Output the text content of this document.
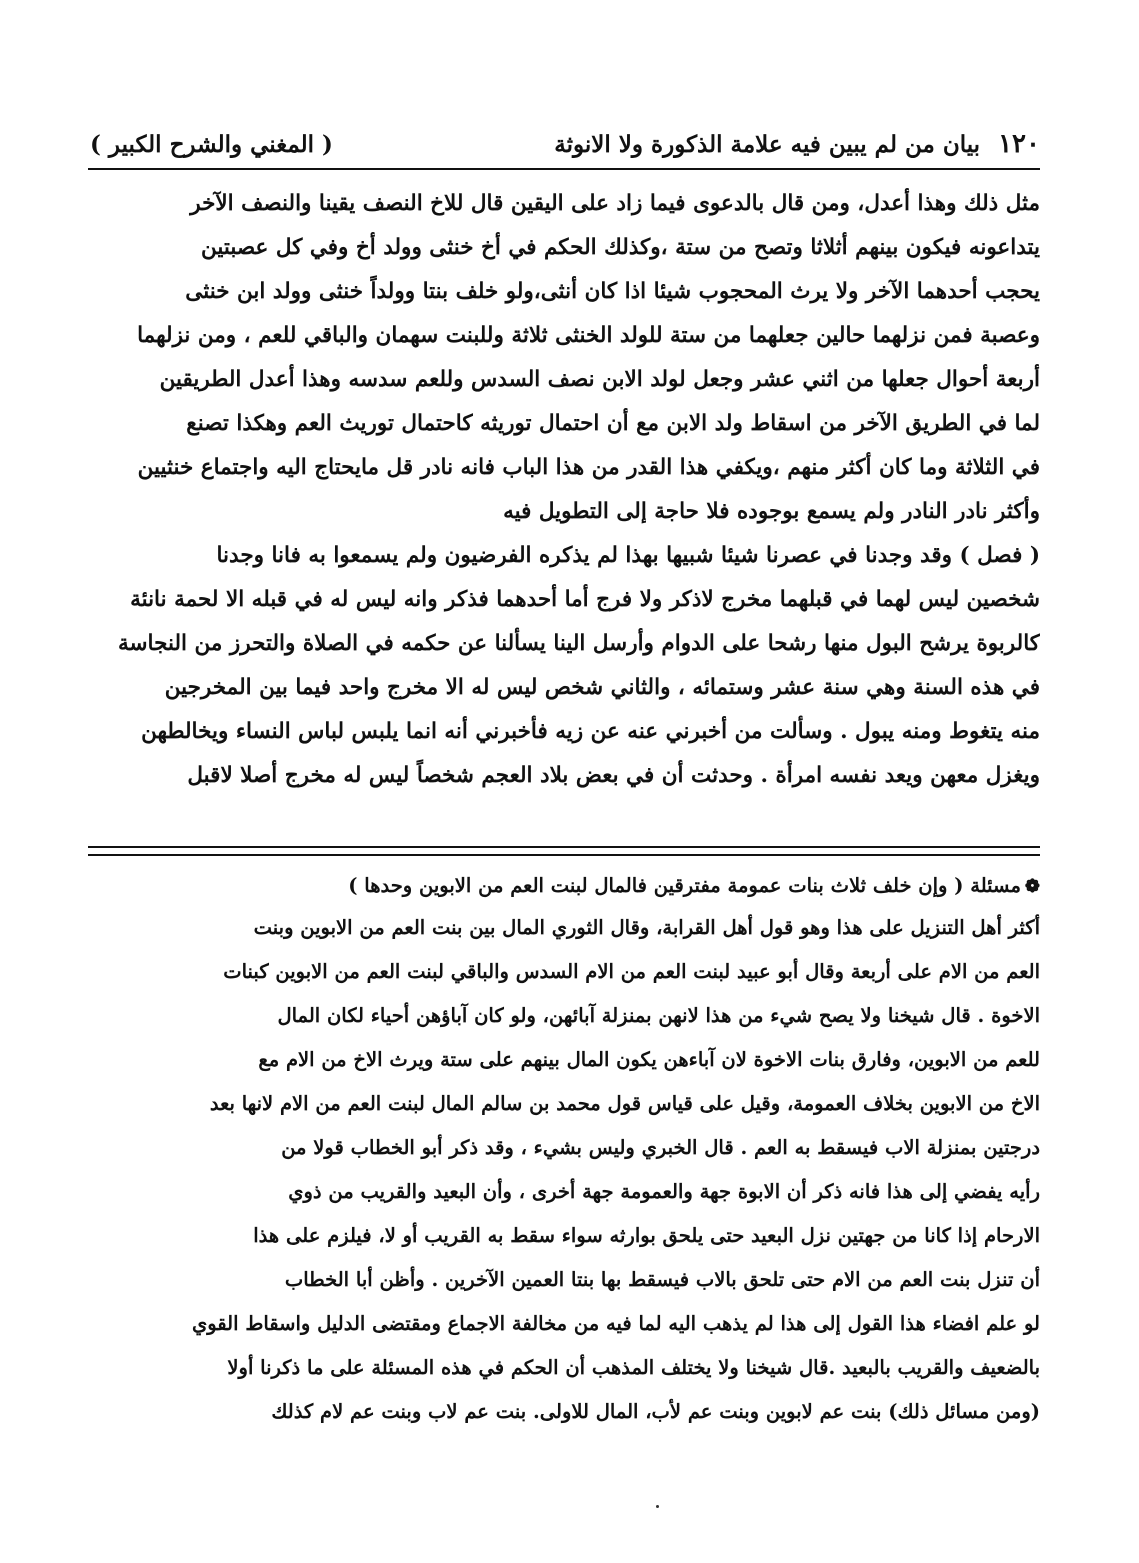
١٢٠
بيان من لم يبين فيه علامة الذكورة ولا الانوثة
( المغني والشرح الكبير )
مثل ذلك وهذا أعدل، ومن قال بالدعوى فيما زاد على اليقين قال للاخ النصف يقينا والنصف الآخر
يتداعونه فيكون بينهم أثلاثا وتصح من ستة ،وكذلك الحكم في أخ خنثى وولد أخ وفي كل عصبتين
يحجب أحدهما الآخر ولا يرث المحجوب شيئا اذا كان أنثى،ولو خلف بنتا وولداً خنثى وولد ابن خنثى
وعصبة فمن نزلهما حالين جعلهما من ستة للولد الخنثى ثلاثة وللبنت سهمان والباقي للعم ، ومن نزلهما
أربعة أحوال جعلها من اثني عشر وجعل لولد الابن نصف السدس وللعم سدسه وهذا أعدل الطريقين
لما في الطريق الآخر من اسقاط ولد الابن مع أن احتمال توريثه كاحتمال توريث العم وهكذا تصنع
في الثلاثة وما كان أكثر منهم ،ويكفي هذا القدر من هذا الباب فانه نادر قل مايحتاج اليه واجتماع خنثيين
وأكثر نادر النادر ولم يسمع بوجوده فلا حاجة إلى التطويل فيه
( فصل ) وقد وجدنا في عصرنا شيئا شبيها بهذا لم يذكره الفرضيون ولم يسمعوا به فانا وجدنا
شخصين ليس لهما في قبلهما مخرج لاذكر ولا فرج أما أحدهما فذكر وانه ليس له في قبله الا لحمة نانئة
كالربوة يرشح البول منها رشحا على الدوام وأرسل الينا يسألنا عن حكمه في الصلاة والتحرز من النجاسة
في هذه السنة وهي سنة عشر وستمائه ، والثاني شخص ليس له الا مخرج واحد فيما بين المخرجين
منه يتغوط ومنه يبول . وسألت من أخبرني عنه عن زيه فأخبرني أنه انما يلبس لباس النساء ويخالطهن
ويغزل معهن ويعد نفسه امرأة . وحدثت أن في بعض بلاد العجم شخصاً ليس له مخرج أصلا لاقبل
❁مسئلة ( وإن خلف ثلاث بنات عمومة مفترقين فالمال لبنت العم من الابوين وحدها )
أكثر أهل التنزيل على هذا وهو قول أهل القرابة، وقال الثوري المال بين بنت العم من الابوين وبنت
العم من الام على أربعة وقال أبو عبيد لبنت العم من الام السدس والباقي لبنت العم من الابوين كبنات
الاخوة . قال شيخنا ولا يصح شيء من هذا لانهن بمنزلة آبائهن، ولو كان آباؤهن أحياء لكان المال
للعم من الابوين، وفارق بنات الاخوة لان آباءهن يكون المال بينهم على ستة ويرث الاخ من الام مع
الاخ من الابوين بخلاف العمومة، وقيل على قياس قول محمد بن سالم المال لبنت العم من الام لانها بعد
درجتين بمنزلة الاب فيسقط به العم . قال الخبري وليس بشيء ، وقد ذكر أبو الخطاب قولا من
رأيه يفضي إلى هذا فانه ذكر أن الابوة جهة والعمومة جهة أخرى ، وأن البعيد والقريب من ذوي
الارحام إذا كانا من جهتين نزل البعيد حتى يلحق بوارثه سواء سقط به القريب أو لا، فيلزم على هذا
أن تنزل بنت العم من الام حتى تلحق بالاب فيسقط بها بنتا العمين الآخرين . وأظن أبا الخطاب
لو علم افضاء هذا القول إلى هذا لم يذهب اليه لما فيه من مخالفة الاجماع ومقتضى الدليل واسقاط القوي
بالضعيف والقريب بالبعيد .قال شيخنا ولا يختلف المذهب أن الحكم في هذه المسئلة على ما ذكرنا أولا
(ومن مسائل ذلك) بنت عم لابوين وبنت عم لأب، المال للاولى. بنت عم لاب وبنت عم لام كذلك
